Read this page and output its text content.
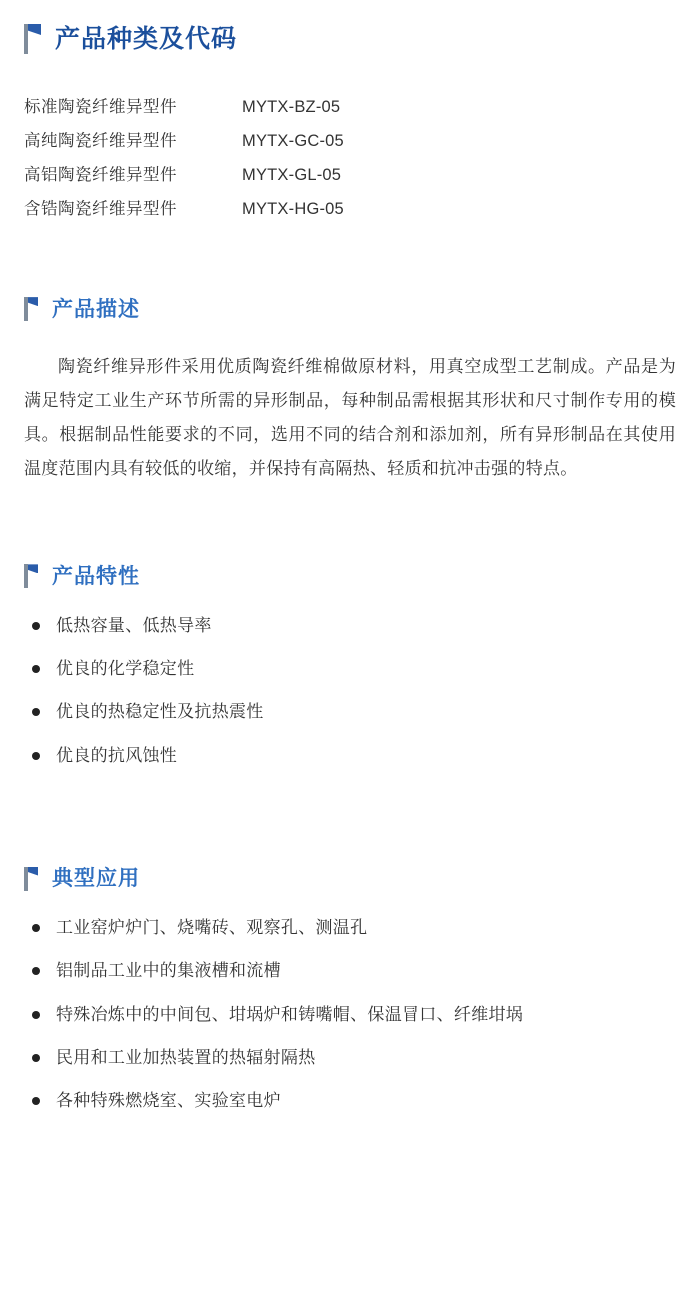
产品种类及代码
标准陶瓷纤维异型件	MYTX-BZ-05
高纯陶瓷纤维异型件	MYTX-GC-05
高铝陶瓷纤维异型件	MYTX-GL-05
含锆陶瓷纤维异型件	MYTX-HG-05
产品描述

陶瓷纤维异形件采用优质陶瓷纤维棉做原材料，用真空成型工艺制成。产品是为满足特定工业生产环节所需的异形制品，每种制品需根据其形状和尺寸制作专用的模具。根据制品性能要求的不同，选用不同的结合剂和添加剂，所有异形制品在其使用温度范围内具有较低的收缩，并保持有高隔热、轻质和抗冲击强的特点。

产品特性
低热容量、低热导率
优良的化学稳定性
优良的热稳定性及抗热震性
优良的抗风蚀性
典型应用
工业窑炉炉门、烧嘴砖、观察孔、测温孔
铝制品工业中的集液槽和流槽
特殊冶炼中的中间包、坩埚炉和铸嘴帽、保温冒口、纤维坩埚
民用和工业加热装置的热辐射隔热
各种特殊燃烧室、实验室电炉
